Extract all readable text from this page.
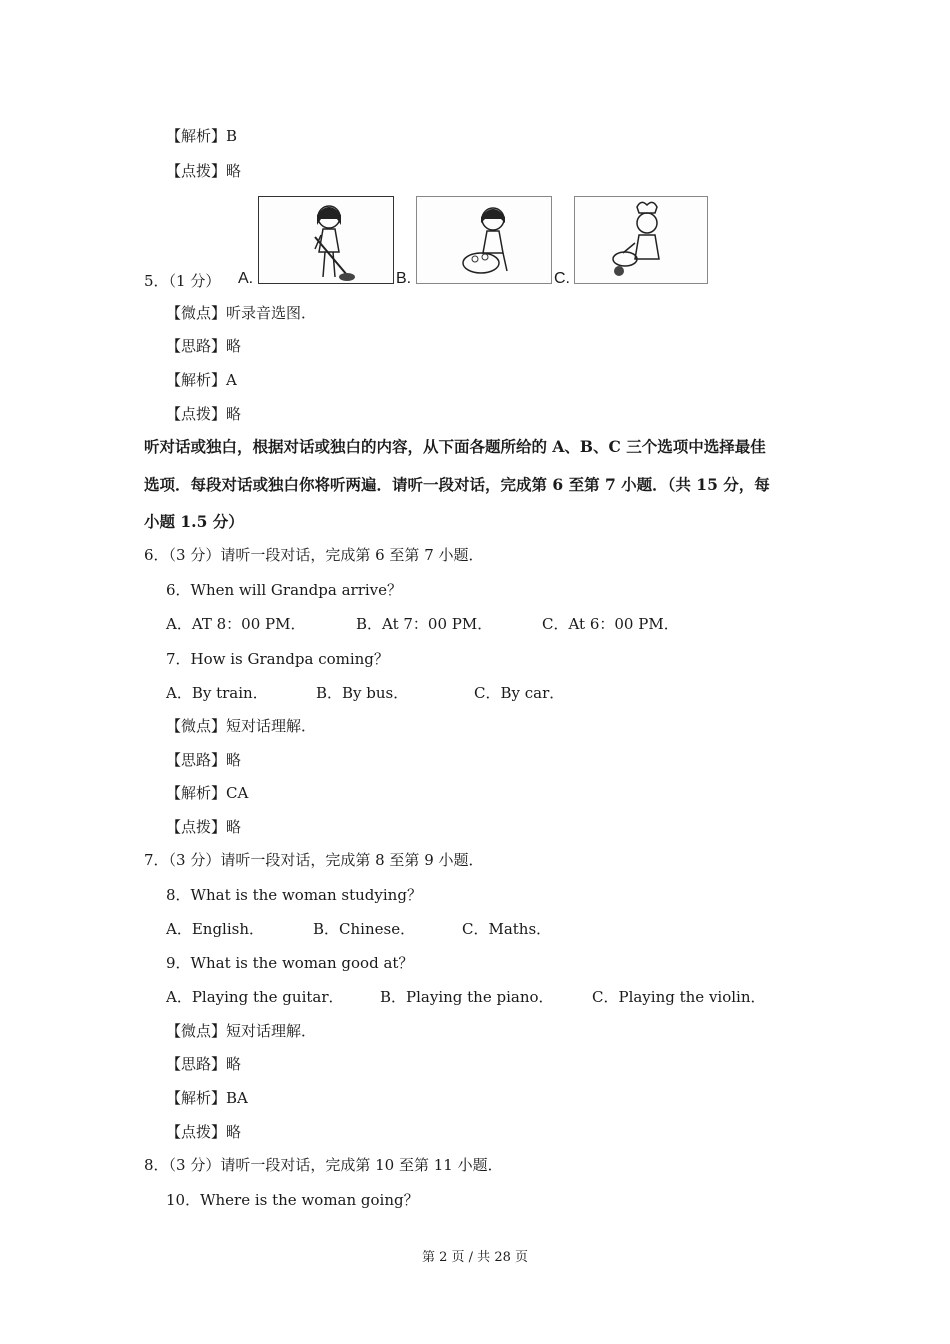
【解析】B
【点拨】略
5．（1 分） A.	B.	C.
【微点】听录音选图．
【思路】略
【解析】A
【点拨】略
听对话或独白，根据对话或独白的内容，从下面各题所给的 A、B、C 三个选项中选择最佳
选项．每段对话或独白你将听两遍．请听一段对话，完成第 6 至第 7 小题．（共 15 分，每
小题 1.5 分）
6．（3 分）请听一段对话，完成第 6 至第 7 小题．
6．When will Grandpa arrive？
A．AT 8：00 PM．	B．At 7：00 PM．	C．At 6：00 PM．
7．How is Grandpa coming？
A．By train．	B．By bus．	C．By car．
【微点】短对话理解．
【思路】略
【解析】CA
【点拨】略
7．（3 分）请听一段对话，完成第 8 至第 9 小题．
8．What is the woman studying？
A．English．	B．Chinese．	C．Maths．
9．What is the woman good at？
A．Playing the guitar． B．Playing the piano．	C．Playing the violin．
【微点】短对话理解．
【思路】略
【解析】BA
【点拨】略
8．（3 分）请听一段对话，完成第 10 至第 11 小题．
10．Where is the woman going？
第 2 页 / 共 28 页
